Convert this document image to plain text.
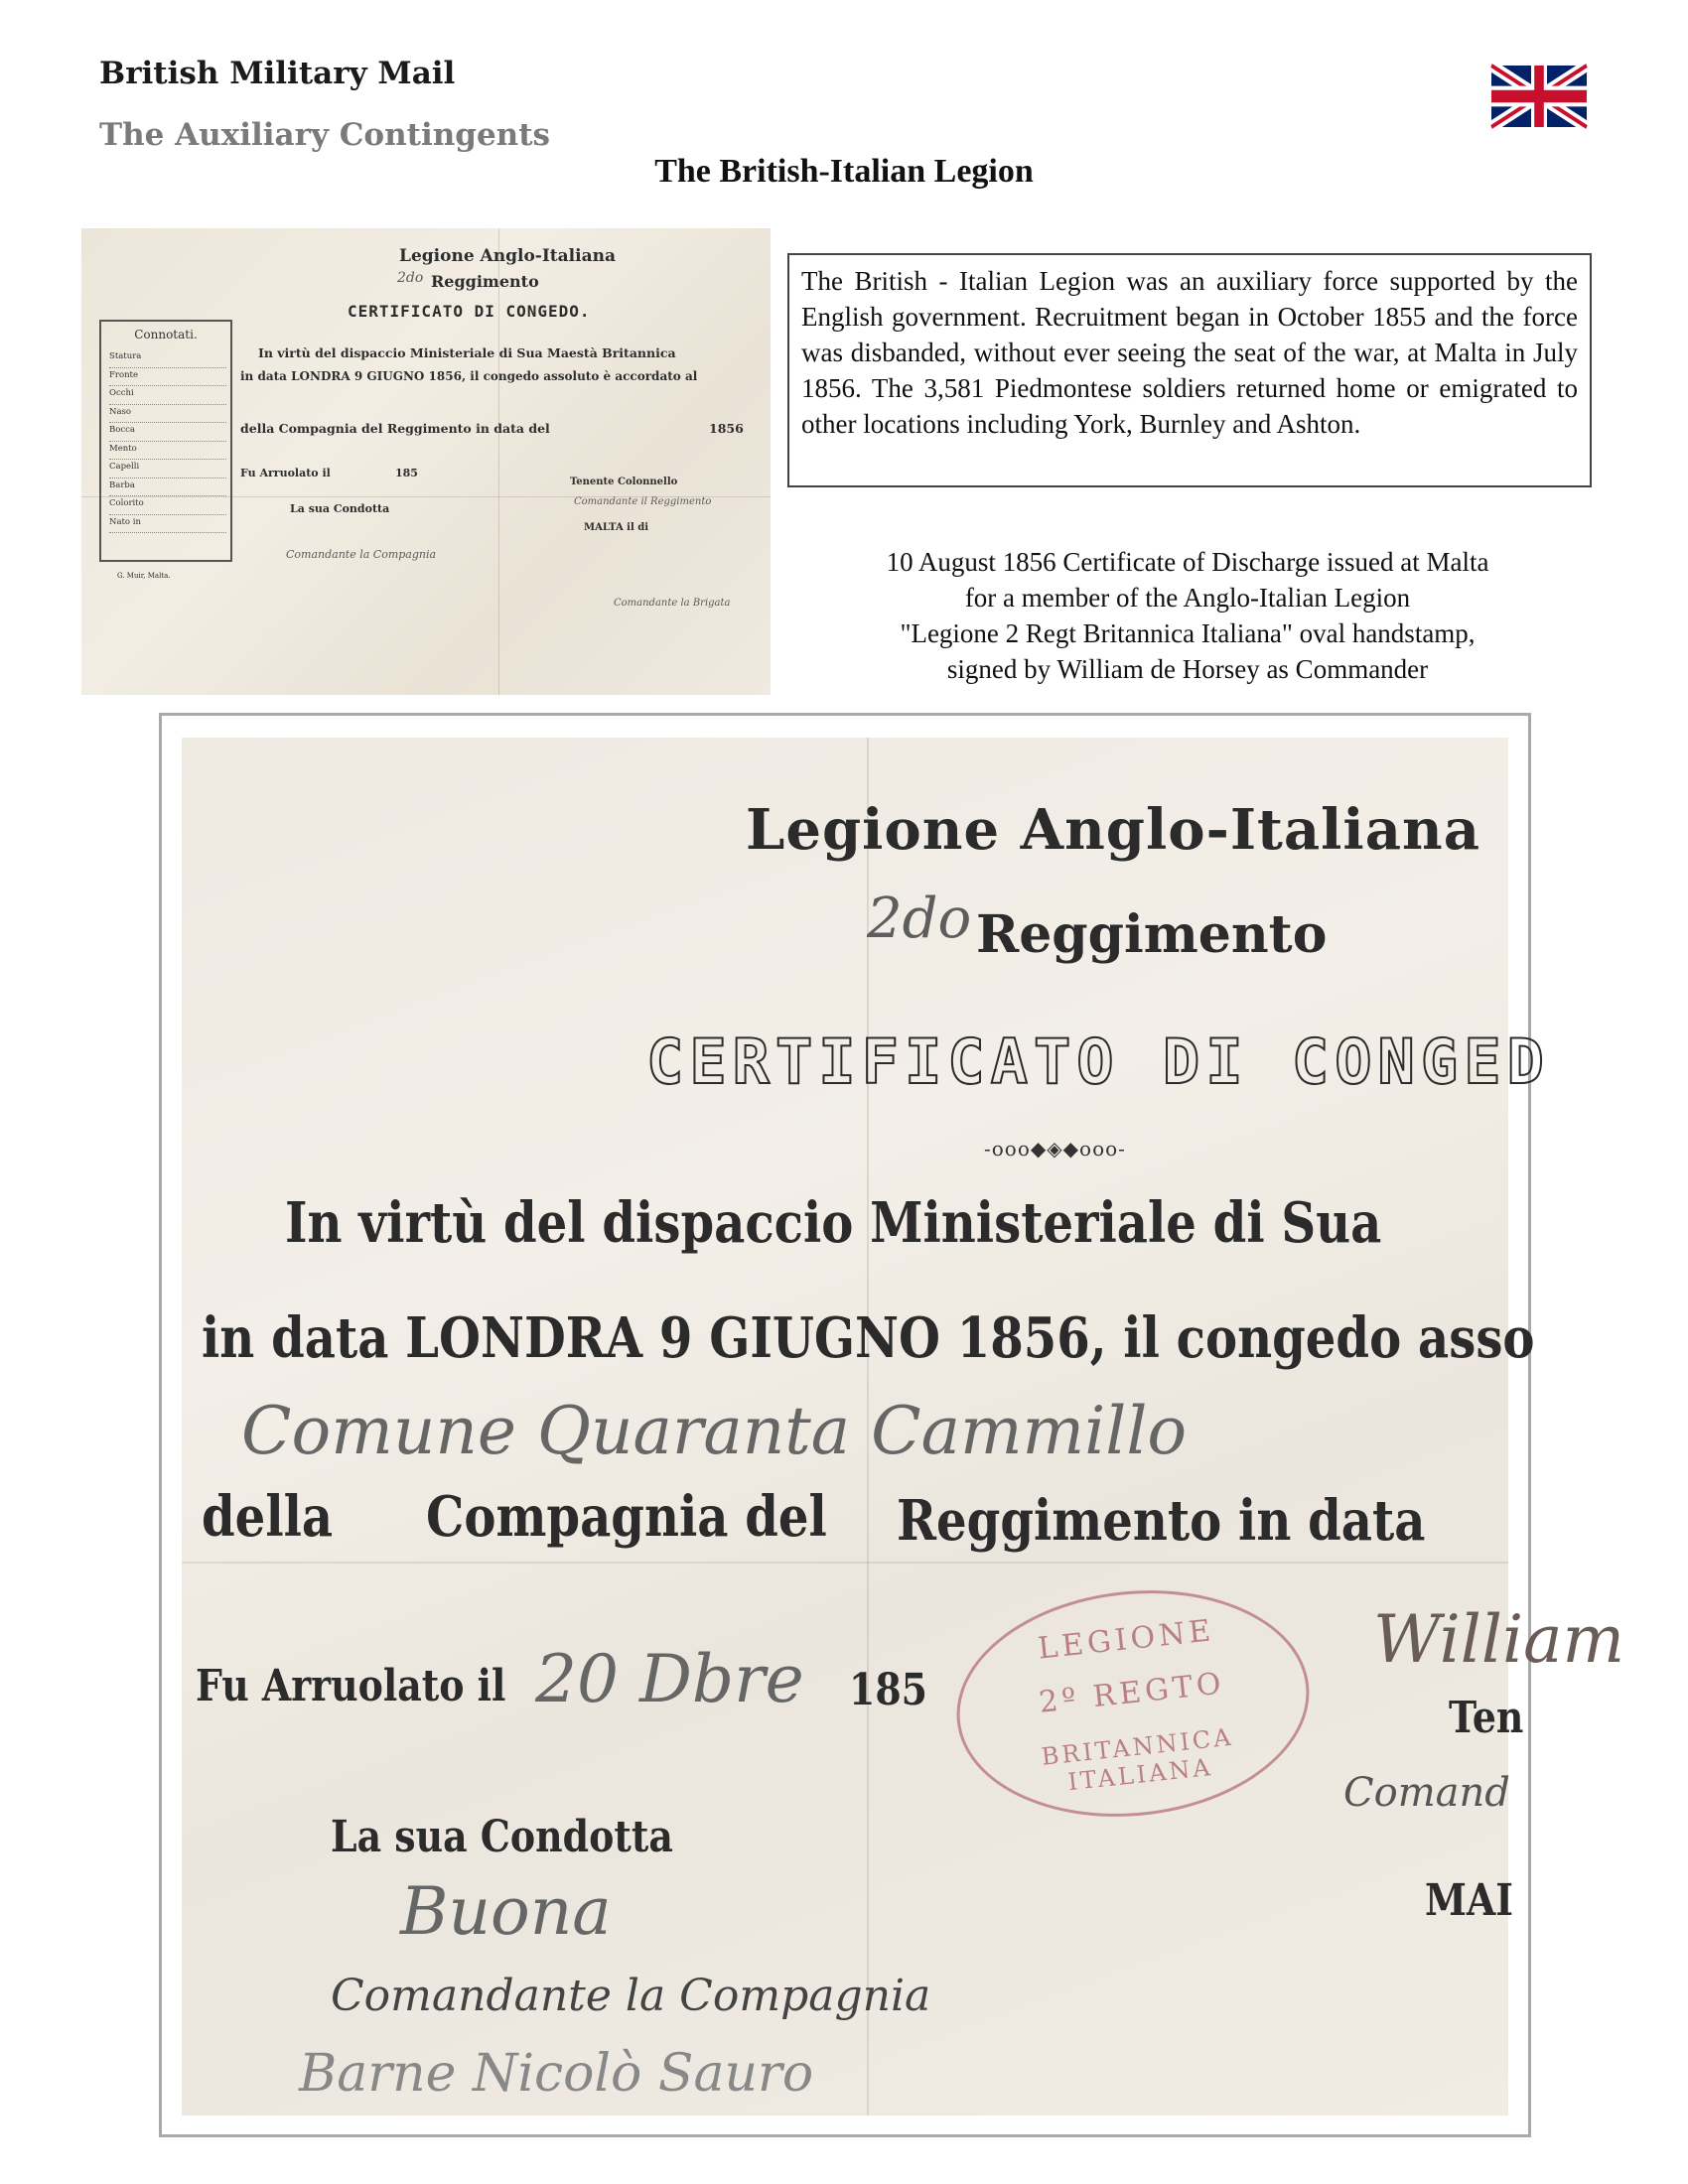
British Military Mail
The Auxiliary Contingents
The British-Italian Legion
Legione Anglo-Italiana
2do Reggimento
CERTIFICATO DI CONGEDO.
Connotati.
Statura
Fronte
Occhi
Naso
Bocca
Mento
Capelli
Barba
Colorito
Nato in
G. Muir, Malta.
In virtù del dispaccio Ministeriale di Sua Maestà Britannica
in data LONDRA 9 GIUGNO 1856, il congedo assoluto è accordato al
della Compagnia del Reggimento in data del	1856
Fu Arruolato il	185
Tenente Colonnello
Comandante il Reggimento
MALTA il di
La sua Condotta
Comandante la Compagnia
Comandante la Brigata
The British - Italian Legion was an auxiliary force supported by the English government. Recruitment began in October 1855 and the force was disbanded, without ever seeing the seat of the war, at Malta in July 1856. The 3,581 Piedmontese soldiers returned home or emigrated to other locations including York, Burnley and Ashton.
10 August 1856 Certificate of Discharge issued at Malta
for a member of the Anglo-Italian Legion
"Legione 2 Regt Britannica Italiana" oval handstamp,
signed by William de Horsey as Commander
Legione Anglo-Italiana
2do Reggimento
CERTIFICATO DI CONGED
-ooo◆◈◆ooo-
In virtù del dispaccio Ministeriale di Sua
in data LONDRA 9 GIUGNO 1856, il congedo asso
Comune Quaranta Cammillo
della Compagnia del Reggimento in data
Fu Arruolato il 20 Dbre 185
LEGIONE
2º REGTO
BRITANNICA ITALIANA
William
Ten
Comand
MAI
La sua Condotta
Buona
Comandante la Compagnia
Barne Nicolò Sauro
